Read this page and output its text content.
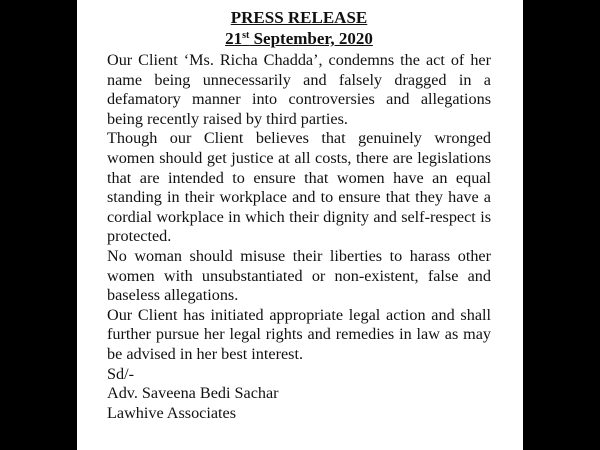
PRESS RELEASE

21st September, 2020

Our Client ‘Ms. Richa Chadda’, condemns the act of her name being unnecessarily and falsely dragged in a defamatory manner into controversies and allegations being recently raised by third parties.

Though our Client believes that genuinely wronged women should get justice at all costs, there are legislations that are intended to ensure that women have an equal standing in their workplace and to ensure that they have a cordial workplace in which their dignity and self-respect is protected.

No woman should misuse their liberties to harass other women with unsubstantiated or non-existent, false and baseless allegations.

Our Client has initiated appropriate legal action and shall further pursue her legal rights and remedies in law as may be advised in her best interest.

Sd/-

Adv. Saveena Bedi Sachar

Lawhive Associates
